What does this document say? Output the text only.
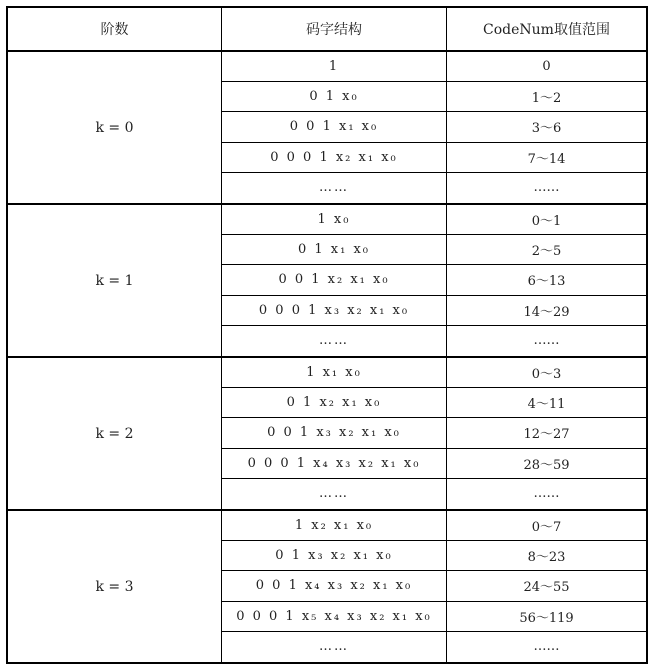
阶数	码字结构	CodeNum取值范围
k = 0
1	0
0 1 x₀	1～2
0 0 1 x₁ x₀	3～6
0 0 0 1 x₂ x₁ x₀	7～14
……	……
k = 1
1 x₀	0～1
0 1 x₁ x₀	2～5
0 0 1 x₂ x₁ x₀	6～13
0 0 0 1 x₃ x₂ x₁ x₀	14～29
……	……
k = 2
1 x₁ x₀	0～3
0 1 x₂ x₁ x₀	4～11
0 0 1 x₃ x₂ x₁ x₀	12～27
0 0 0 1 x₄ x₃ x₂ x₁ x₀	28～59
……	……
k = 3
1 x₂ x₁ x₀	0～7
0 1 x₃ x₂ x₁ x₀	8～23
0 0 1 x₄ x₃ x₂ x₁ x₀	24～55
0 0 0 1 x₅ x₄ x₃ x₂ x₁ x₀	56～119
……	……
